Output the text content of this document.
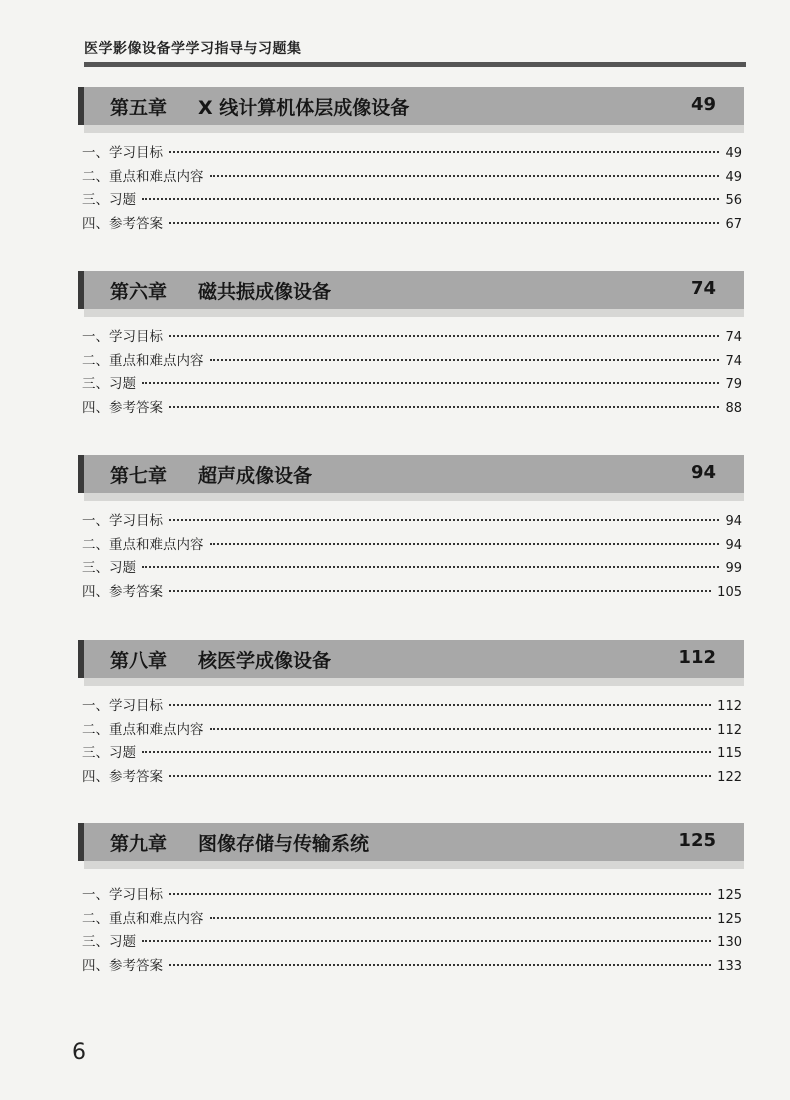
医学影像设备学学习指导与习题集
第五章 X 线计算机体层成像设备	49
一、学习目标	49
二、重点和难点内容	49
三、习题	56
四、参考答案	67
第六章 磁共振成像设备	74
一、学习目标	74
二、重点和难点内容	74
三、习题	79
四、参考答案	88
第七章 超声成像设备	94
一、学习目标	94
二、重点和难点内容	94
三、习题	99
四、参考答案	105
第八章 核医学成像设备	112
一、学习目标	112
二、重点和难点内容	112
三、习题	115
四、参考答案	122
第九章 图像存储与传输系统	125
一、学习目标	125
二、重点和难点内容	125
三、习题	130
四、参考答案	133
6
